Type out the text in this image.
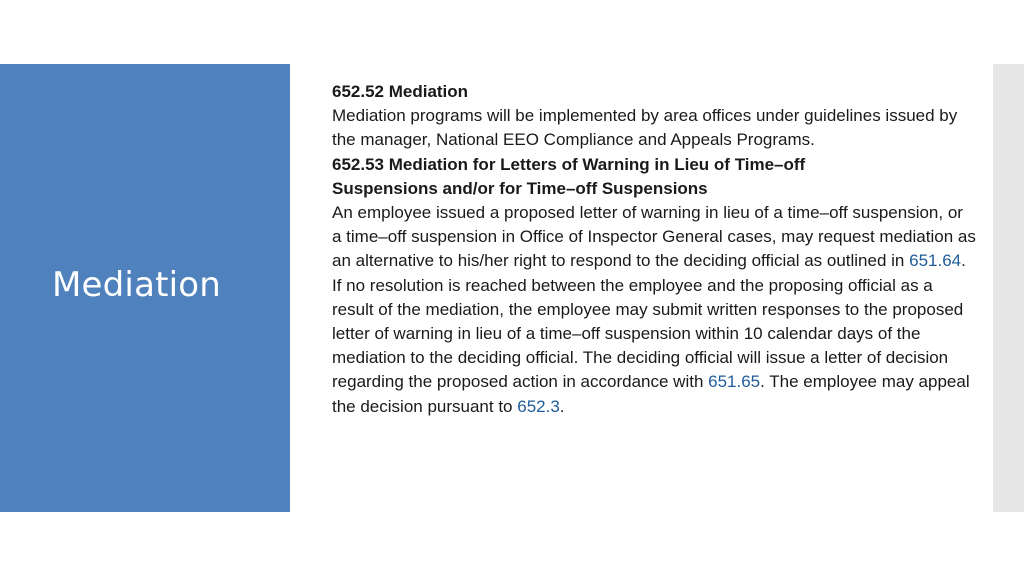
Mediation

652.52 Mediation

Mediation programs will be implemented by area offices under guidelines issued by the manager, National EEO Compliance and Appeals Programs.

652.53 Mediation for Letters of Warning in Lieu of Time–off
Suspensions and/or for Time–off Suspensions

An employee issued a proposed letter of warning in lieu of a time–off suspension, or a time–off suspension in Office of Inspector General cases, may request mediation as an alternative to his/her right to respond to the deciding official as outlined in 651.64. If no resolution is reached between the employee and the proposing official as a result of the mediation, the employee may submit written responses to the proposed letter of warning in lieu of a time–off suspension within 10 calendar days of the mediation to the deciding official. The deciding official will issue a letter of decision regarding the proposed action in accordance with 651.65. The employee may appeal the decision pursuant to 652.3.
